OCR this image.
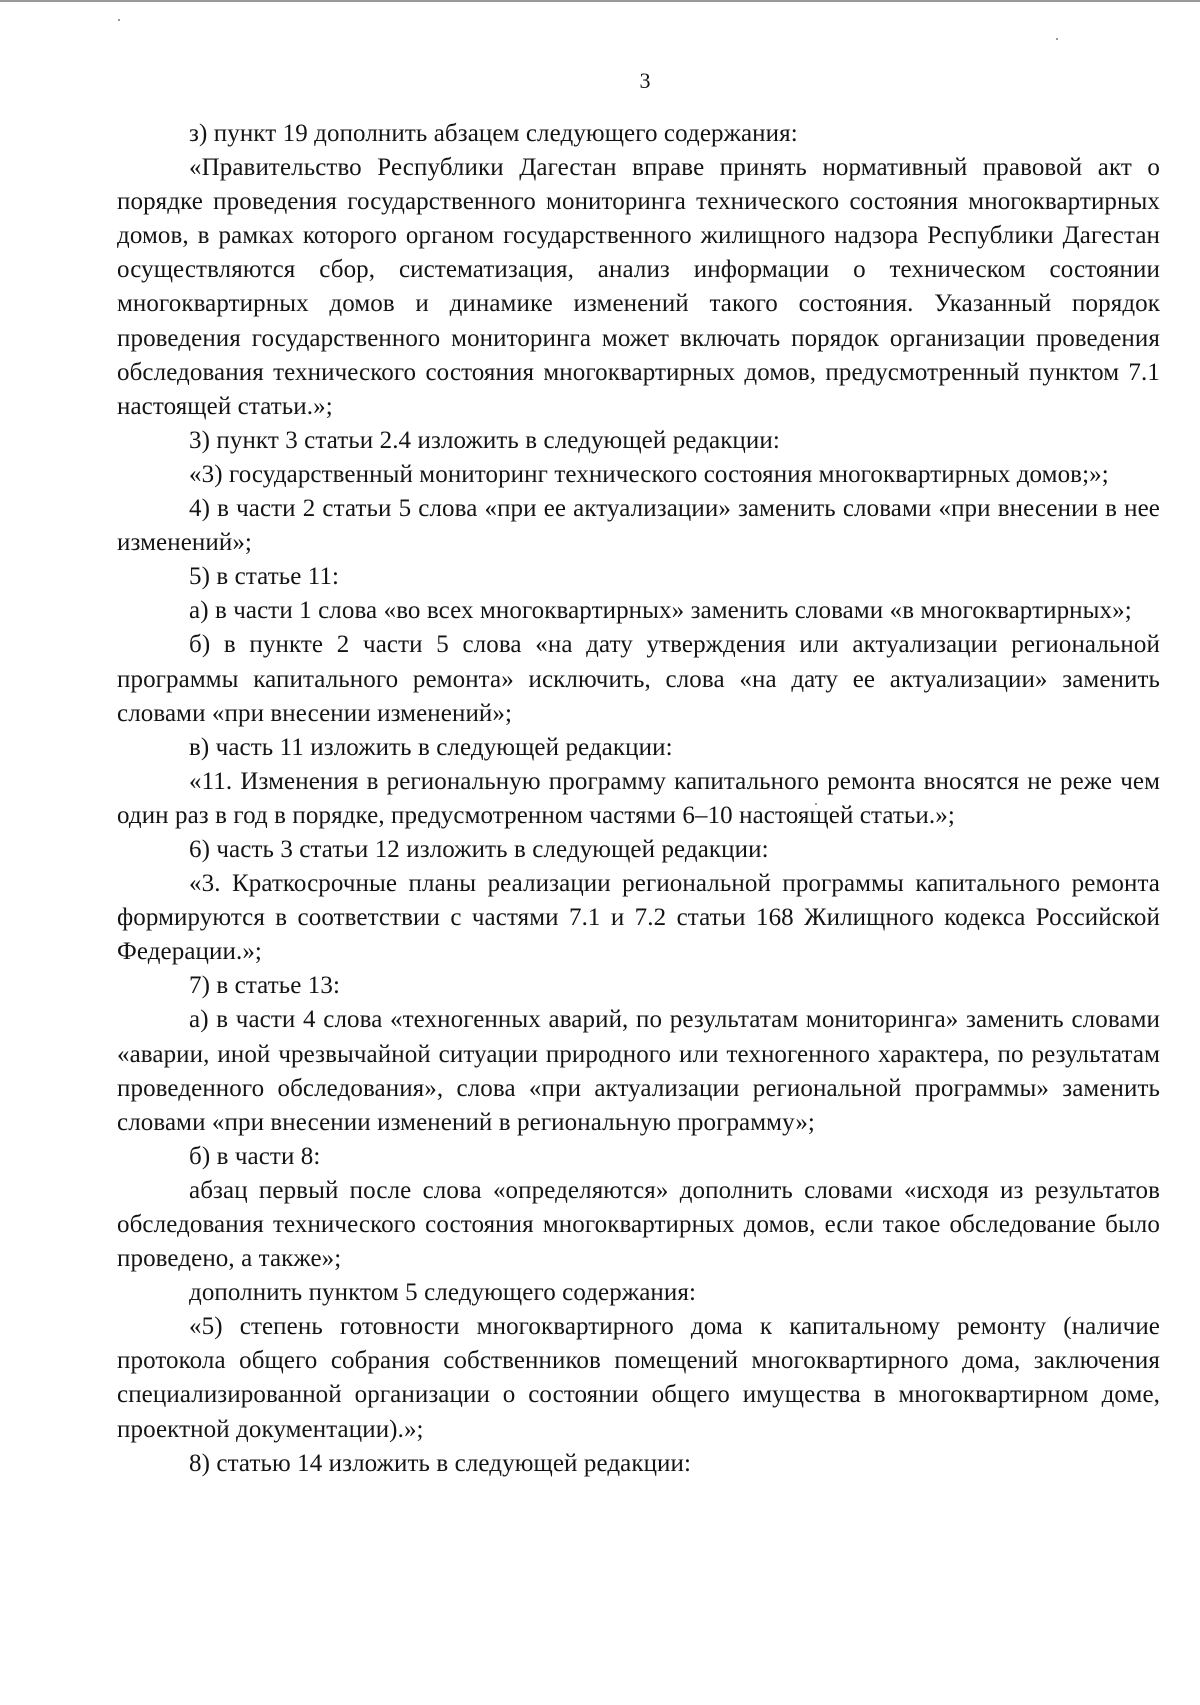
3

з) пункт 19 дополнить абзацем следующего содержания:

«Правительство Республики Дагестан вправе принять нормативный правовой акт о порядке проведения государственного мониторинга технического состояния многоквартирных домов, в рамках которого органом государственного жилищного надзора Республики Дагестан осуществляются сбор, систематизация, анализ информации о техническом состоянии многоквартирных домов и динамике изменений такого состояния. Указанный порядок проведения государственного мониторинга может включать порядок организации проведения обследования технического состояния многоквартирных домов, предусмотренный пунктом 7.1 настоящей статьи.»;

3) пункт 3 статьи 2.4 изложить в следующей редакции:

«3) государственный мониторинг технического состояния многоквартирных домов;»;

4) в части 2 статьи 5 слова «при ее актуализации» заменить словами «при внесении в нее изменений»;

5) в статье 11:

а) в части 1 слова «во всех многоквартирных» заменить словами «в многоквартирных»;

б) в пункте 2 части 5 слова «на дату утверждения или актуализации региональной программы капитального ремонта» исключить, слова «на дату ее актуализации» заменить словами «при внесении изменений»;

в) часть 11 изложить в следующей редакции:

«11. Изменения в региональную программу капитального ремонта вносятся не реже чем один раз в год в порядке, предусмотренном частями 6–10 настоящей статьи.»;

6) часть 3 статьи 12 изложить в следующей редакции:

«3. Краткосрочные планы реализации региональной программы капитального ремонта формируются в соответствии с частями 7.1 и 7.2 статьи 168 Жилищного кодекса Российской Федерации.»;

7) в статье 13:

а) в части 4 слова «техногенных аварий, по результатам мониторинга» заменить словами «аварии, иной чрезвычайной ситуации природного или техногенного характера, по результатам проведенного обследования», слова «при актуализации региональной программы» заменить словами «при внесении изменений в региональную программу»;

б) в части 8:

абзац первый после слова «определяются» дополнить словами «исходя из результатов обследования технического состояния многоквартирных домов, если такое обследование было проведено, а также»;

дополнить пунктом 5 следующего содержания:

«5) степень готовности многоквартирного дома к капитальному ремонту (наличие протокола общего собрания собственников помещений многоквартирного дома, заключения специализированной организации о состоянии общего имущества в многоквартирном доме, проектной документации).»;

8) статью 14 изложить в следующей редакции:
